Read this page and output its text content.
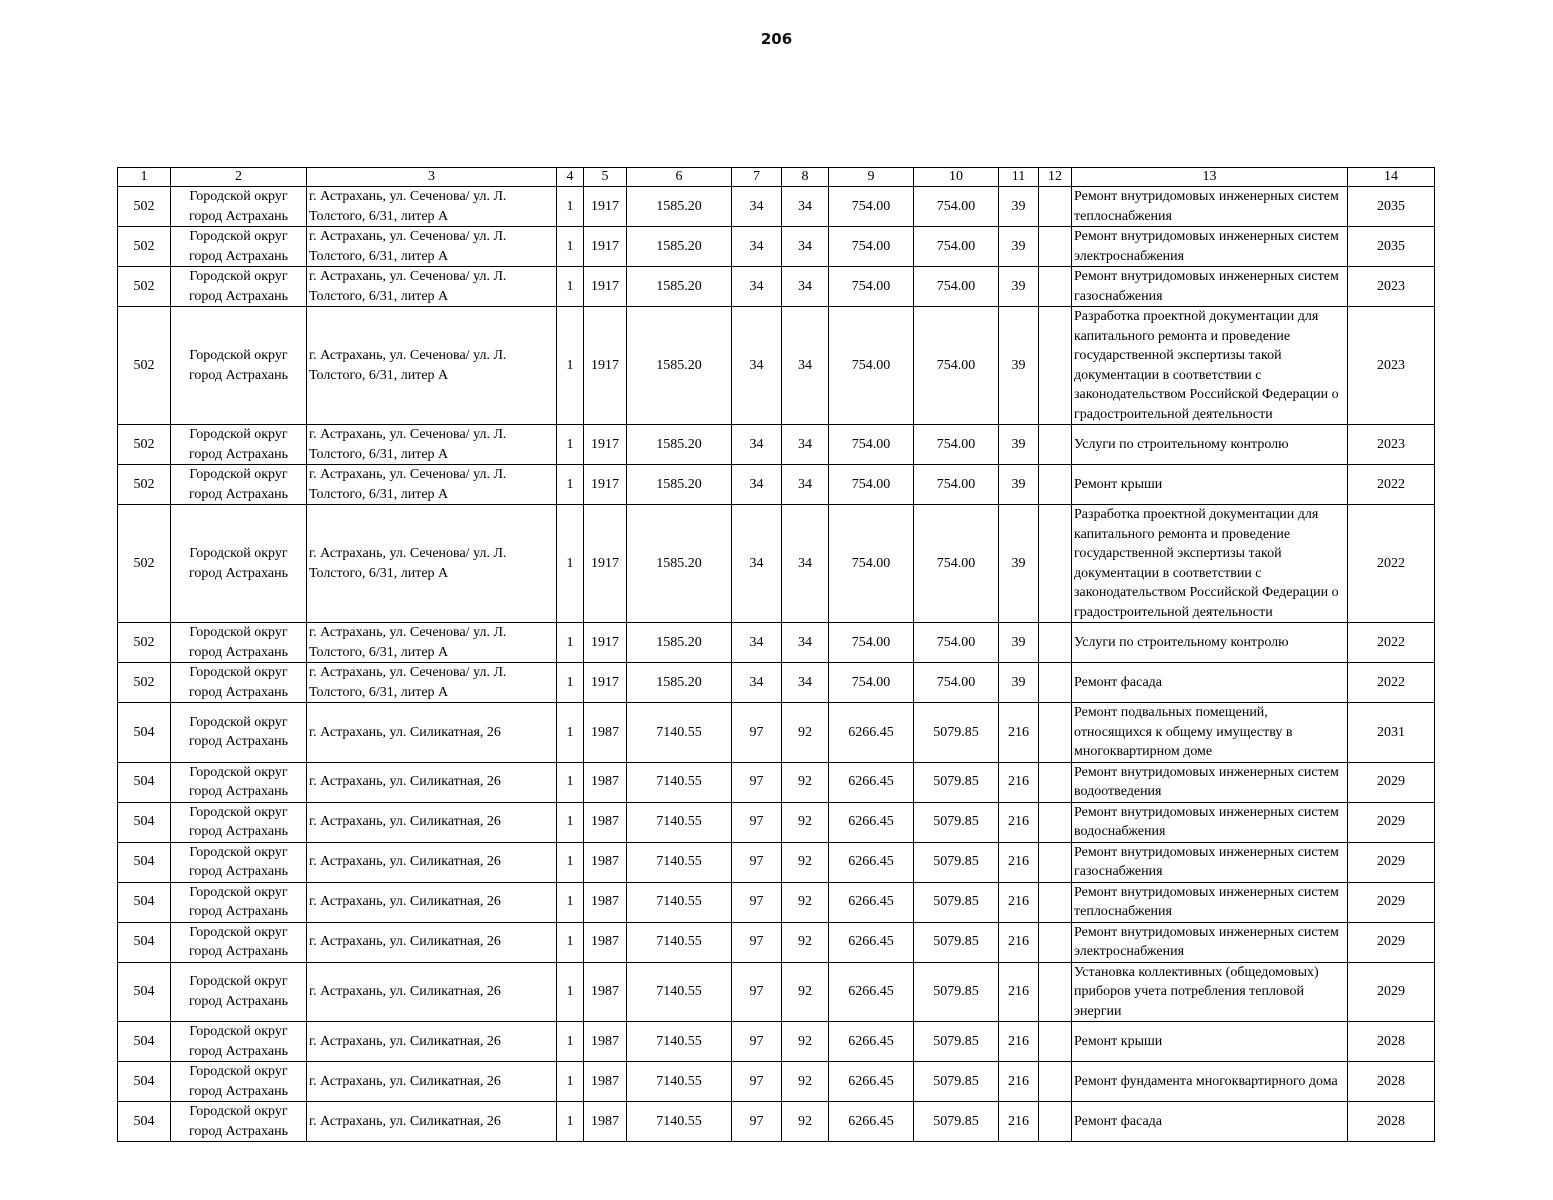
206
1	2	3	4	5	6	7	8	9	10	11	12	13	14
502	Городской округ город Астрахань	г. Астрахань, ул. Сеченова/ ул. Л. Толстого, 6/31, литер А	1	1917	1585.20	34	34	754.00	754.00	39		Ремонт внутридомовых инженерных систем теплоснабжения	2035
502	Городской округ город Астрахань	г. Астрахань, ул. Сеченова/ ул. Л. Толстого, 6/31, литер А	1	1917	1585.20	34	34	754.00	754.00	39		Ремонт внутридомовых инженерных систем электроснабжения	2035
502	Городской округ город Астрахань	г. Астрахань, ул. Сеченова/ ул. Л. Толстого, 6/31, литер А	1	1917	1585.20	34	34	754.00	754.00	39		Ремонт внутридомовых инженерных систем газоснабжения	2023
502	Городской округ город Астрахань	г. Астрахань, ул. Сеченова/ ул. Л. Толстого, 6/31, литер А	1	1917	1585.20	34	34	754.00	754.00	39		Разработка проектной документации для капитального ремонта и проведение государственной экспертизы такой документации в соответствии с законодательством Российской Федерации о градостроительной деятельности	2023
502	Городской округ город Астрахань	г. Астрахань, ул. Сеченова/ ул. Л. Толстого, 6/31, литер А	1	1917	1585.20	34	34	754.00	754.00	39		Услуги по строительному контролю	2023
502	Городской округ город Астрахань	г. Астрахань, ул. Сеченова/ ул. Л. Толстого, 6/31, литер А	1	1917	1585.20	34	34	754.00	754.00	39		Ремонт крыши	2022
502	Городской округ город Астрахань	г. Астрахань, ул. Сеченова/ ул. Л. Толстого, 6/31, литер А	1	1917	1585.20	34	34	754.00	754.00	39		Разработка проектной документации для капитального ремонта и проведение государственной экспертизы такой документации в соответствии с законодательством Российской Федерации о градостроительной деятельности	2022
502	Городской округ город Астрахань	г. Астрахань, ул. Сеченова/ ул. Л. Толстого, 6/31, литер А	1	1917	1585.20	34	34	754.00	754.00	39		Услуги по строительному контролю	2022
502	Городской округ город Астрахань	г. Астрахань, ул. Сеченова/ ул. Л. Толстого, 6/31, литер А	1	1917	1585.20	34	34	754.00	754.00	39		Ремонт фасада	2022
504	Городской округ город Астрахань	г. Астрахань, ул. Силикатная, 26	1	1987	7140.55	97	92	6266.45	5079.85	216		Ремонт подвальных помещений, относящихся к общему имуществу в многоквартирном доме	2031
504	Городской округ город Астрахань	г. Астрахань, ул. Силикатная, 26	1	1987	7140.55	97	92	6266.45	5079.85	216		Ремонт внутридомовых инженерных систем водоотведения	2029
504	Городской округ город Астрахань	г. Астрахань, ул. Силикатная, 26	1	1987	7140.55	97	92	6266.45	5079.85	216		Ремонт внутридомовых инженерных систем водоснабжения	2029
504	Городской округ город Астрахань	г. Астрахань, ул. Силикатная, 26	1	1987	7140.55	97	92	6266.45	5079.85	216		Ремонт внутридомовых инженерных систем газоснабжения	2029
504	Городской округ город Астрахань	г. Астрахань, ул. Силикатная, 26	1	1987	7140.55	97	92	6266.45	5079.85	216		Ремонт внутридомовых инженерных систем теплоснабжения	2029
504	Городской округ город Астрахань	г. Астрахань, ул. Силикатная, 26	1	1987	7140.55	97	92	6266.45	5079.85	216		Ремонт внутридомовых инженерных систем электроснабжения	2029
504	Городской округ город Астрахань	г. Астрахань, ул. Силикатная, 26	1	1987	7140.55	97	92	6266.45	5079.85	216		Установка коллективных (общедомовых) приборов учета потребления тепловой энергии	2029
504	Городской округ город Астрахань	г. Астрахань, ул. Силикатная, 26	1	1987	7140.55	97	92	6266.45	5079.85	216		Ремонт крыши	2028
504	Городской округ город Астрахань	г. Астрахань, ул. Силикатная, 26	1	1987	7140.55	97	92	6266.45	5079.85	216		Ремонт фундамента многоквартирного дома	2028
504	Городской округ город Астрахань	г. Астрахань, ул. Силикатная, 26	1	1987	7140.55	97	92	6266.45	5079.85	216		Ремонт фасада	2028
